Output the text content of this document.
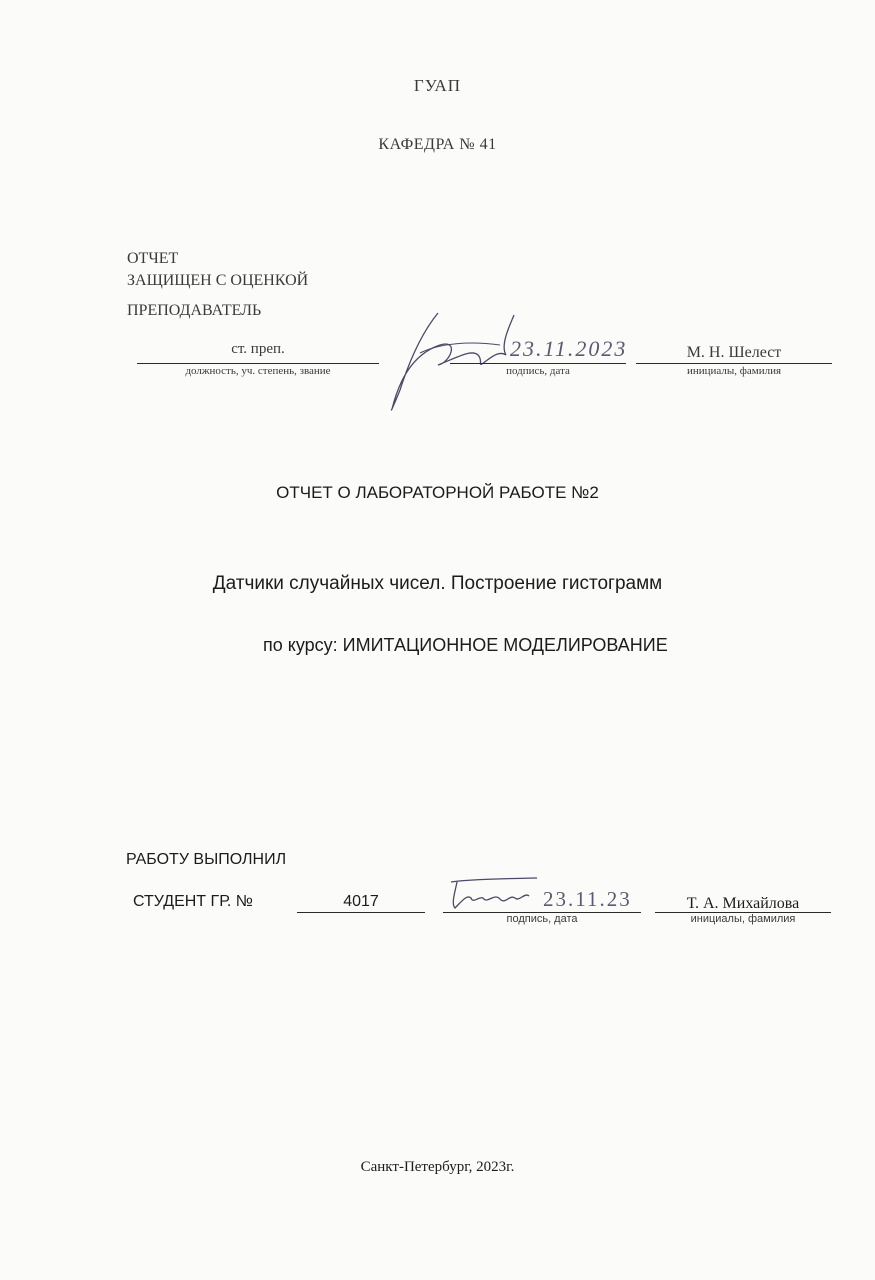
ГУАП
КАФЕДРА № 41
ОТЧЕТ
ЗАЩИЩЕН С ОЦЕНКОЙ
ПРЕПОДАВАТЕЛЬ
ст. преп.
должность, уч. степень, звание
23.11.2023
подпись, дата
М. Н. Шелест
инициалы, фамилия
ОТЧЕТ О ЛАБОРАТОРНОЙ РАБОТЕ №2
Датчики случайных чисел. Построение гистограмм
по курсу: ИМИТАЦИОННОЕ МОДЕЛИРОВАНИЕ
РАБОТУ ВЫПОЛНИЛ
СТУДЕНТ ГР. №	4017	23.11.23
подпись, дата
Т. А. Михайлова
инициалы, фамилия
Санкт-Петербург, 2023г.
